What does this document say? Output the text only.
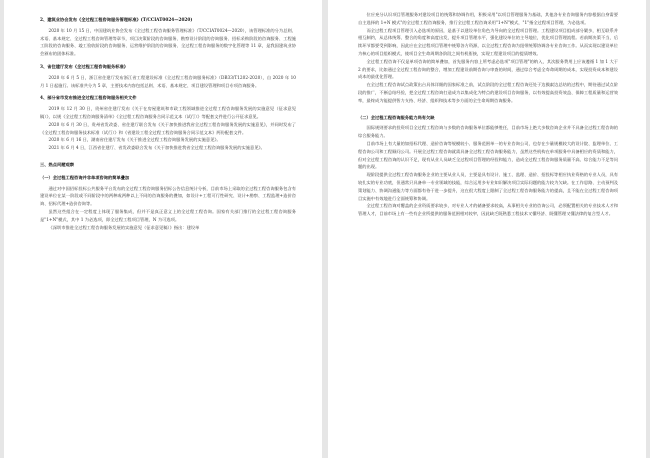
2、建筑业协会发布《全过程工程咨询服务管理标准》(T/CCIAT0024—2020)

2020 年 10 月 15 日，中国建筑业协会发布《全过程工程咨询服务管理标准》（T/CCIAT0024—2020），该管理标准的分为总则、术语、基本规定、全过程工程咨询管理等章节，项目决策阶段的咨询服务、勘察设计阶段的咨询服务、招标采购阶段的咨询服务、工程施工阶段的咨询服务、竣工验收阶段的咨询服务、运营维护阶段的咨询服务、全过程工程咨询服务的数字化管理等 11 章，是我国建筑业协会颁布的团体标准。

3、省住建厅发布《全过程工程咨询服务标准》

2020 年 6 月 5 日，浙江省住建厅发布浙江省工程建设标准《全过程工程咨询服务标准》（DB33/T1202-2020），自 2020 年 10 月 1 日起施行。该标准共分为 5 章，主要技术内容包括总则、术语、基本规定、项目建设管理和项目专项咨询服务。

4、部分省市发布推进全过程工程咨询服务相关文件

2019 年 12 月 30 日，贵州省住建厅发布《关于在房屋建筑和市政工程领域推进全过程工程咨询服务发展的实施意见（征求意见稿）》，以规《全过程工程咨询服务清单》《全过程工程咨询服务合同示范文本（试行）》等配套文件进行公开征求意见。

2020 年 6 月 30 日，贵州省发改委、省住建厅联合发布《关于加快推进我省全过程工程咨询服务发展的实施意见》，并同时发布了《全过程工程咨询服务技术标准（试行）》和《省建设工程全过程工程咨询服务合同示范文本》两份配套文件。

2020 年 6 月 16 日，湖南省住建厅发布《关于推进全过程工程咨询服务发展的实施意见》。

2021 年 6 月 4 日，江西省住建厅、省发改委联合发布《关于加快推进我省全过程工程咨询服务发展的实施意见》。

三、热点问题观察

（一）全过程工程咨询并非单项咨询的简单叠加

通过对中国招标投标公共服务平台发布的全过程工程咨询服务招标公告信息统计分析，目前市场上采取的全过程工程咨询服务包含有建设单位在某一阶段或不同阶段中的两种或两种以上不同的咨询服务的叠加，如设计+工程可行性研究、设计+勘察、工程监理+造价咨询、招标代理+造价咨询等。

虽然这些组合在一定程度上体现了服务集成，但并不是真正意义上的全过程工程咨询。国家有关部门推行的全过程工程咨询服务是"1+N"模式，其中 1 为必选项，即全过程工程项目管理，N 为可选项。

《深圳市推进全过程工程咨询服务发展的实施意见（征求意见稿）》指出：建设单

位应充分认识项目管理服务对建设项目的统筹和协调作用，积极采用"以项目管理服务为基础，其他各专业咨询服务内容根据自身需要自主选择的 1+N 模式"的全过程工程咨询服务，推行全过程工程咨询采用"1+N"模式，"1"指全过程项目管理，为必选项。

而全过程工程项目管理引入必选项的原因，是基于以建设单位角色为导向的全过程项目管理。工程建设项目组成部分繁多，相互联系并相互制约，从总体统筹、整合的角度和高度出发，提升项目管理水平，强化建设单位的主导地位，优化项目管理流程。若前期决策不当，后续环节都要受到影响，因此应在全过程项目管理中统筹各方资源，以全过程工程咨询为纽带统筹协调各专业咨询工作。从而实现以建设单位为核心的项目组织模式，使项目全生命周期各阶段之间有机衔接，实现工程建设项目的提质增效。

全过程工程咨询不仅是单项咨询的简单叠加，首先服务内容上所考虑必选项"项目管理"的纳入，其次服务费用上应该遵循 1 加 1 大于 2 的要求，比如通过全过程工程咨询的整合，增加工程建设前期咨询与审查的时间，通过综合考虑全寿命周期的成本，实现投资成本和建设成本的最优化管理。

在全过程工程咨询试点政策出台具体详细的国家标准之前，试点阶段的全过程工程咨询还处于边摸索边总结的过程中，期待通过试点阶段的推广，不断总结经验，把全过程工程咨询打造成为以集成化为特点的建设项目咨询服务，以有效提高投资效益、保障工程质量和运营效率，最终成为能提供智力支持、经济、组织和技术等多方面的全生命周期咨询服务。

（二）全过程工程咨询服务能力尚有欠缺

国际规则要求的投资项目全过程工程咨询与多数的咨询服务单位都能够胜任，目前市场上绝大多数咨询企业并不具备全过程工程咨询的综合服务能力。

目前市场上有大量的如招标代理、造价咨询等规模较小、服务范围单一的专业咨询公司，也存在少量规模较大的设计院、监理单位、工程咨询公司和工程顾问公司。开展全过程工程咨询就需具备全过程工程咨询服务能力，虽然这些机构在单项服务中具备相应的资质和能力，但对全过程工程咨询的认识不足，现有从业人员缺乏全过程项目管理的经验和能力，造成全过程工程咨询服务质量不高、综合能力不足等问题的出现。

现阶段提供全过程工程咨询服务企业的主要从业人员，主要是具有设计、施工、监理、造价、招投标等相应执业资格的专业人员，具有较扎实的专业功底，但通常只具备单一专业领域的技能，综合运用多专业知识解决项目实际问题的能力较为欠缺。在工作思路、主动预判及策划能力、协调沟通能力等方面都有待于进一步提升，这在很大程度上限制了全过程工程咨询服务能力的提高，且不能在全过程工程咨询项目实施中有效地进行全面统筹和协调。

全过程工程咨询对覆盖的企业资质要求较多，对专业人才的储备要求较高，从事相关专业的咨询公司，必须配置相关的专业技术人才和管理人才，目前市场上有一些有企业所提供的服务范围相对较窄，因此缺乏既熟悉工程技术又懂经济、既懂管理又懂法律的复合型人才。
